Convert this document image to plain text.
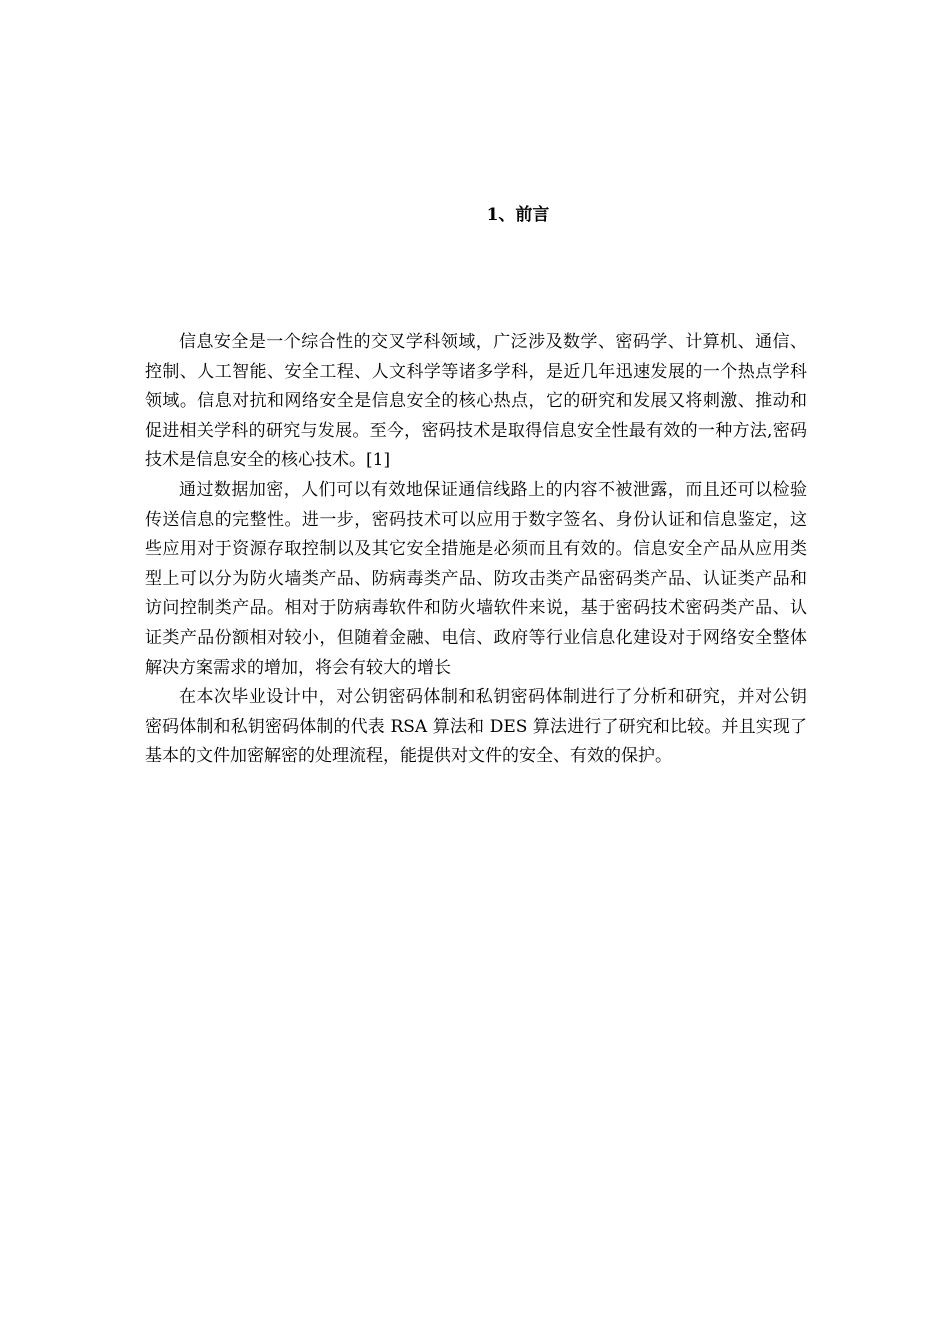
1、前言

信息安全是一个综合性的交叉学科领域，广泛涉及数学、密码学、计算机、通信、控制、人工智能、安全工程、人文科学等诸多学科，是近几年迅速发展的一个热点学科领域。信息对抗和网络安全是信息安全的核心热点，它的研究和发展又将刺激、推动和促进相关学科的研究与发展。至今，密码技术是取得信息安全性最有效的一种方法,密码技术是信息安全的核心技术。[1]

通过数据加密，人们可以有效地保证通信线路上的内容不被泄露，而且还可以检验传送信息的完整性。进一步，密码技术可以应用于数字签名、身份认证和信息鉴定，这些应用对于资源存取控制以及其它安全措施是必须而且有效的。信息安全产品从应用类型上可以分为防火墙类产品、防病毒类产品、防攻击类产品密码类产品、认证类产品和访问控制类产品。相对于防病毒软件和防火墙软件来说，基于密码技术密码类产品、认证类产品份额相对较小，但随着金融、电信、政府等行业信息化建设对于网络安全整体解决方案需求的增加，将会有较大的增长

在本次毕业设计中，对公钥密码体制和私钥密码体制进行了分析和研究，并对公钥密码体制和私钥密码体制的代表 RSA 算法和 DES 算法进行了研究和比较。并且实现了基本的文件加密解密的处理流程，能提供对文件的安全、有效的保护。
